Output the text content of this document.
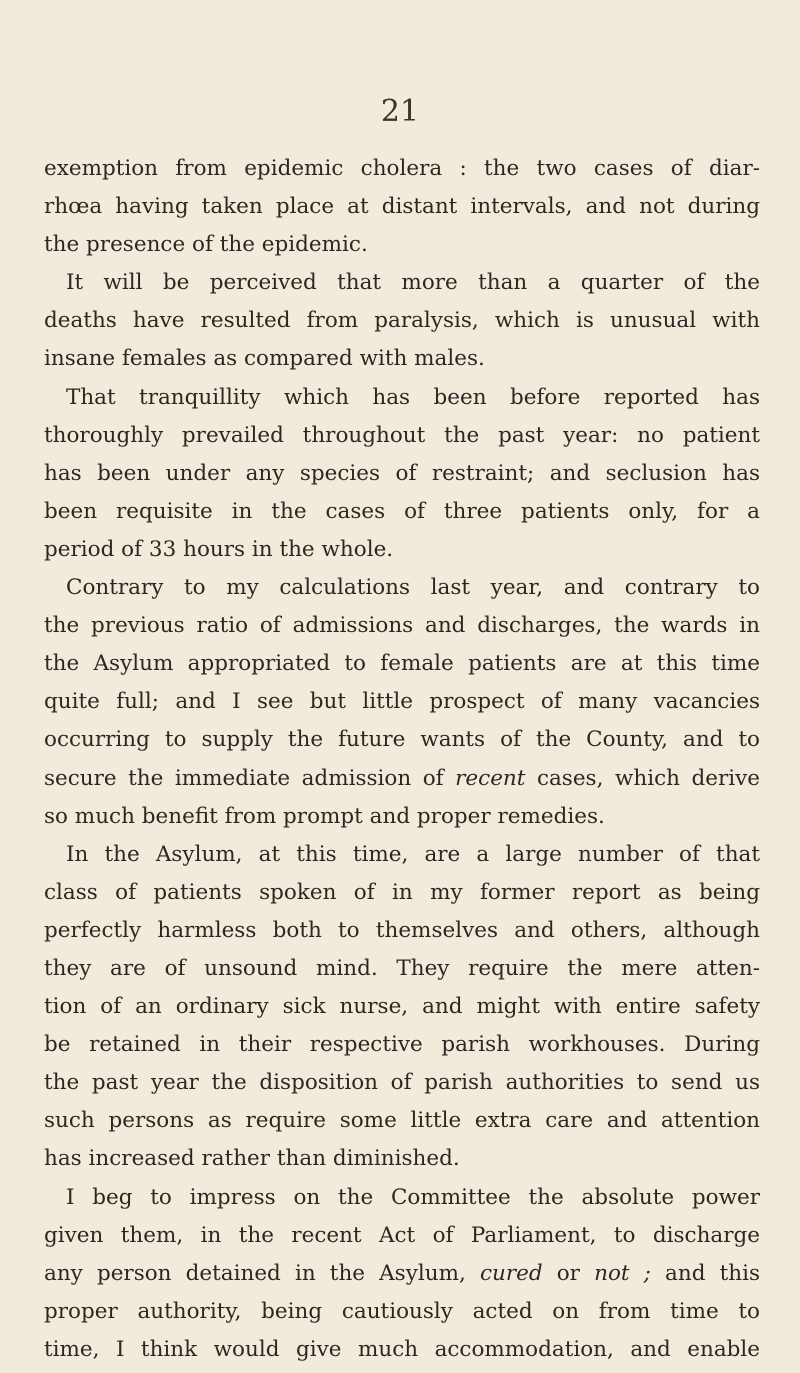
21
exemption from epidemic cholera : the two cases of diar-
rhœa having taken place at distant intervals, and not during
the presence of the epidemic.
It will be perceived that more than a quarter of the
deaths have resulted from paralysis, which is unusual with
insane females as compared with males.
That tranquillity which has been before reported has
thoroughly prevailed throughout the past year: no patient
has been under any species of restraint; and seclusion has
been requisite in the cases of three patients only, for a
period of 33 hours in the whole.
Contrary to my calculations last year, and contrary to
the previous ratio of admissions and discharges, the wards in
the Asylum appropriated to female patients are at this time
quite full; and I see but little prospect of many vacancies
occurring to supply the future wants of the County, and to
secure the immediate admission of recent cases, which derive
so much benefit from prompt and proper remedies.
In the Asylum, at this time, are a large number of that
class of patients spoken of in my former report as being
perfectly harmless both to themselves and others, although
they are of unsound mind. They require the mere atten-
tion of an ordinary sick nurse, and might with entire safety
be retained in their respective parish workhouses. During
the past year the disposition of parish authorities to send us
such persons as require some little extra care and attention
has increased rather than diminished.
I beg to impress on the Committee the absolute power
given them, in the recent Act of Parliament, to discharge
any person detained in the Asylum, cured or not ; and this
proper authority, being cautiously acted on from time to
time, I think would give much accommodation, and enable
